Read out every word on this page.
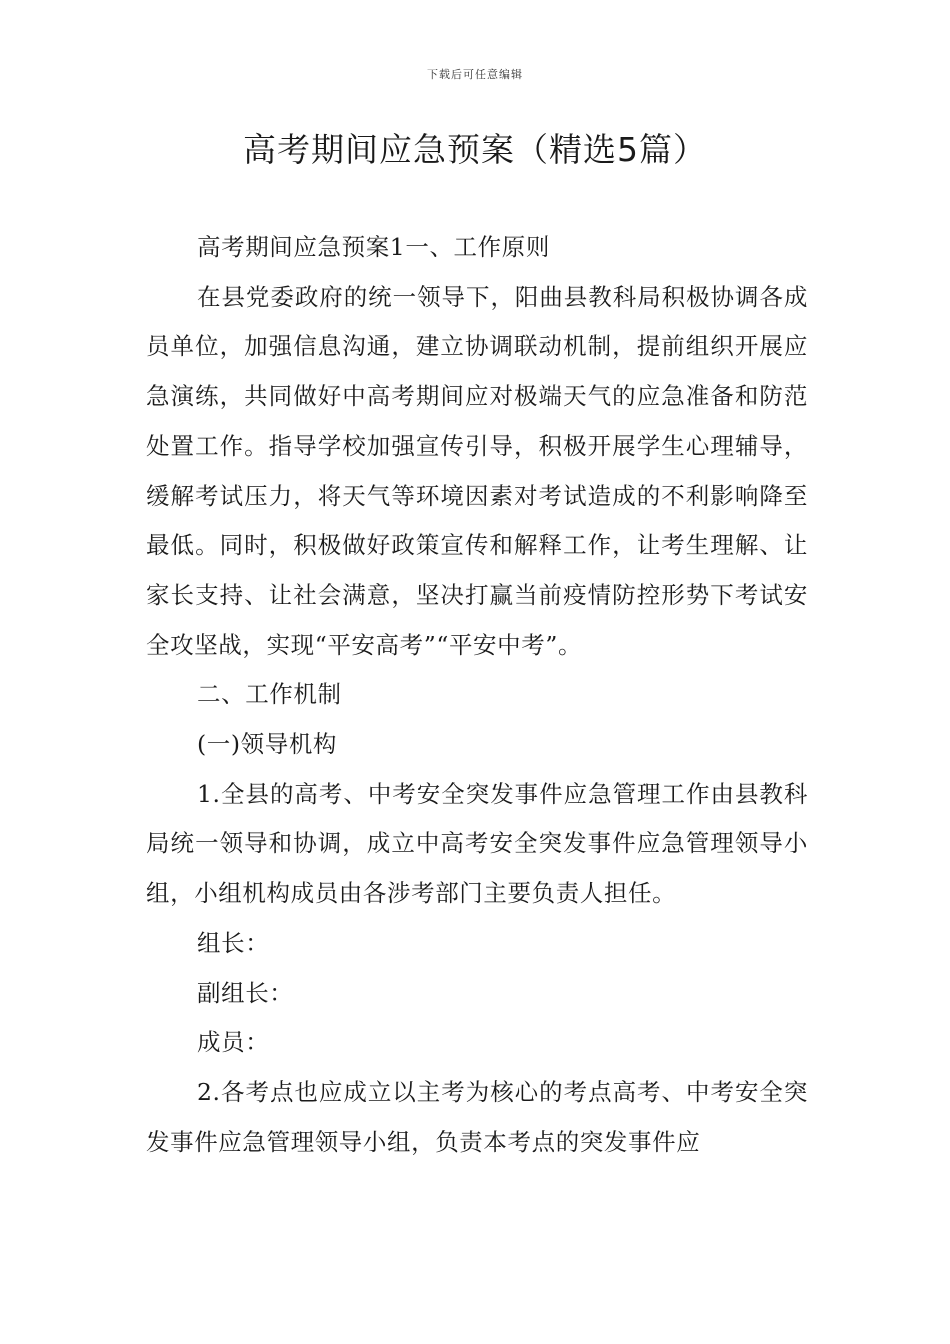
下载后可任意编辑
高考期间应急预案（精选5篇）

高考期间应急预案1一、工作原则

在县党委政府的统一领导下，阳曲县教科局积极协调各成员单位，加强信息沟通，建立协调联动机制，提前组织开展应急演练，共同做好中高考期间应对极端天气的应急准备和防范处置工作。指导学校加强宣传引导，积极开展学生心理辅导，缓解考试压力，将天气等环境因素对考试造成的不利影响降至最低。同时，积极做好政策宣传和解释工作，让考生理解、让家长支持、让社会满意，坚决打赢当前疫情防控形势下考试安全攻坚战，实现“平安高考”“平安中考”。

二、工作机制

(一)领导机构

1.全县的高考、中考安全突发事件应急管理工作由县教科局统一领导和协调，成立中高考安全突发事件应急管理领导小组，小组机构成员由各涉考部门主要负责人担任。

组长：

副组长：

成员：

2.各考点也应成立以主考为核心的考点高考、中考安全突发事件应急管理领导小组，负责本考点的突发事件应
